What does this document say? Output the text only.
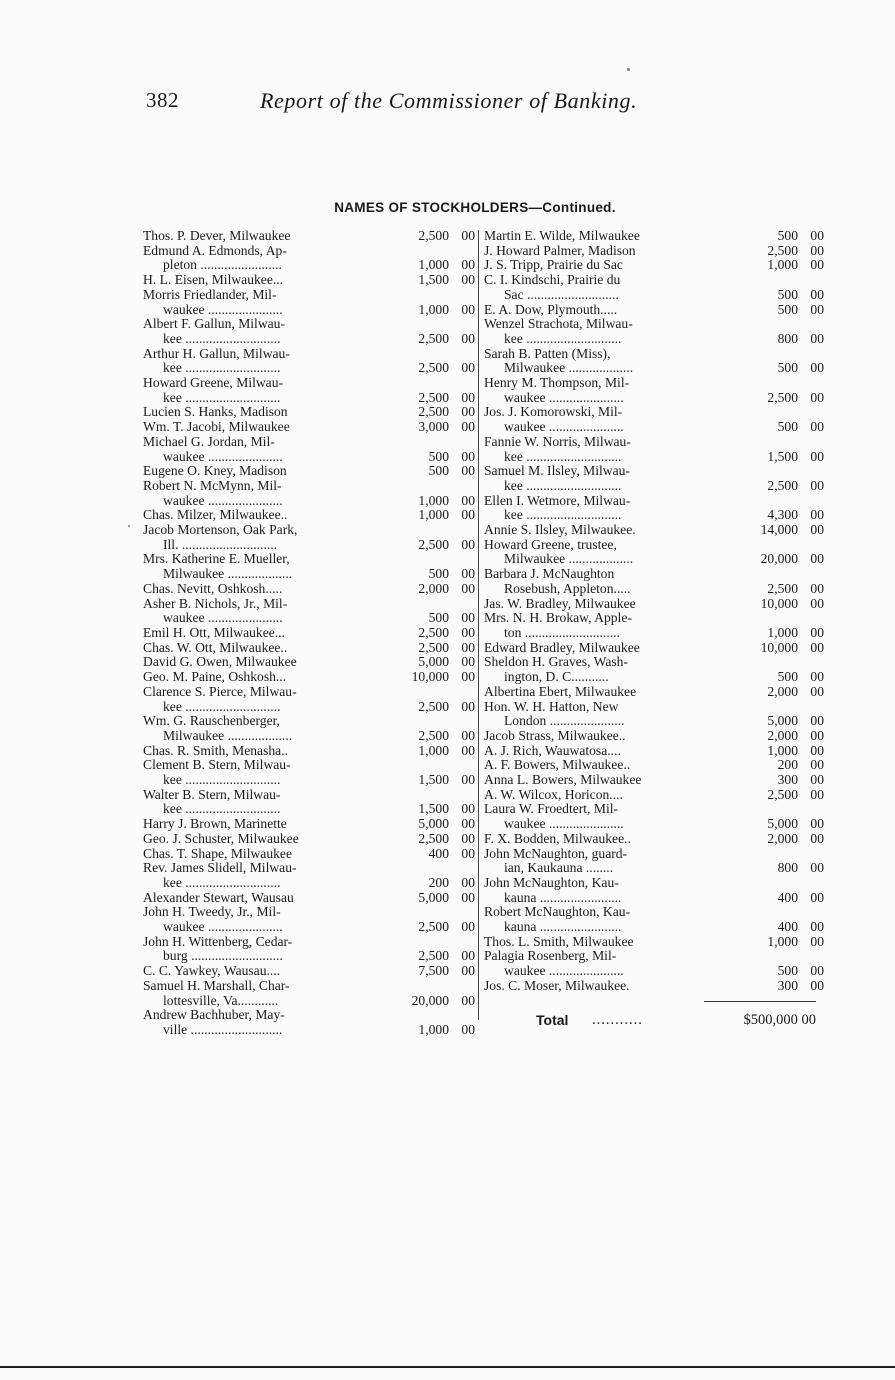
382	Report of the Commissioner of Banking.
NAMES OF STOCKHOLDERS—Continued.
Thos. P. Dever, Milwaukee	2,500 00
Edmund A. Edmonds, Ap-
pleton ........................	1,000 00
H. L. Eisen, Milwaukee...	1,500 00
Morris Friedlander, Mil-
waukee ......................	1,000 00
Albert F. Gallun, Milwau-
kee ............................	2,500 00
Arthur H. Gallun, Milwau-
kee ............................	2,500 00
Howard Greene, Milwau-
kee ............................	2,500 00
Lucien S. Hanks, Madison	2,500 00
Wm. T. Jacobi, Milwaukee	3,000 00
Michael G. Jordan, Mil-
waukee ......................	500 00
Eugene O. Kney, Madison	500 00
Robert N. McMynn, Mil-
waukee ......................	1,000 00
Chas. Milzer, Milwaukee..	1,000 00
Jacob Mortenson, Oak Park,
Ill. ............................	2,500 00
Mrs. Katherine E. Mueller,
Milwaukee ...................	500 00
Chas. Nevitt, Oshkosh.....	2,000 00
Asher B. Nichols, Jr., Mil-
waukee ......................	500 00
Emil H. Ott, Milwaukee...	2,500 00
Chas. W. Ott, Milwaukee..	2,500 00
David G. Owen, Milwaukee	5,000 00
Geo. M. Paine, Oshkosh...	10,000 00
Clarence S. Pierce, Milwau-
kee ............................	2,500 00
Wm. G. Rauschenberger,
Milwaukee ...................	2,500 00
Chas. R. Smith, Menasha..	1,000 00
Clement B. Stern, Milwau-
kee ............................	1,500 00
Walter B. Stern, Milwau-
kee ............................	1,500 00
Harry J. Brown, Marinette	5,000 00
Geo. J. Schuster, Milwaukee	2,500 00
Chas. T. Shape, Milwaukee	400 00
Rev. James Slidell, Milwau-
kee ............................	200 00
Alexander Stewart, Wausau	5,000 00
John H. Tweedy, Jr., Mil-
waukee ......................	2,500 00
John H. Wittenberg, Cedar-
burg ...........................	2,500 00
C. C. Yawkey, Wausau....	7,500 00
Samuel H. Marshall, Char-
lottesville, Va............	20,000 00
Andrew Bachhuber, May-
ville ...........................	1,000 00
Martin E. Wilde, Milwaukee	500 00
J. Howard Palmer, Madison	2,500 00
J. S. Tripp, Prairie du Sac	1,000 00
C. I. Kindschi, Prairie du
Sac ...........................	500 00
E. A. Dow, Plymouth.....	500 00
Wenzel Strachota, Milwau-
kee ............................	800 00
Sarah B. Patten (Miss),
Milwaukee ...................	500 00
Henry M. Thompson, Mil-
waukee ......................	2,500 00
Jos. J. Komorowski, Mil-
waukee ......................	500 00
Fannie W. Norris, Milwau-
kee ............................	1,500 00
Samuel M. Ilsley, Milwau-
kee ............................	2,500 00
Ellen I. Wetmore, Milwau-
kee ............................	4,300 00
Annie S. Ilsley, Milwaukee.	14,000 00
Howard Greene, trustee,
Milwaukee ...................	20,000 00
Barbara J. McNaughton
Rosebush, Appleton.....	2,500 00
Jas. W. Bradley, Milwaukee	10,000 00
Mrs. N. H. Brokaw, Apple-
ton ............................	1,000 00
Edward Bradley, Milwaukee	10,000 00
Sheldon H. Graves, Wash-
ington, D. C...........	500 00
Albertina Ebert, Milwaukee	2,000 00
Hon. W. H. Hatton, New
London ......................	5,000 00
Jacob Strass, Milwaukee..	2,000 00
A. J. Rich, Wauwatosa....	1,000 00
A. F. Bowers, Milwaukee..	200 00
Anna L. Bowers, Milwaukee	300 00
A. W. Wilcox, Horicon....	2,500 00
Laura W. Froedtert, Mil-
waukee ......................	5,000 00
F. X. Bodden, Milwaukee..	2,000 00
John McNaughton, guard-
ian, Kaukauna ........	800 00
John McNaughton, Kau-
kauna ........................	400 00
Robert McNaughton, Kau-
kauna ........................	400 00
Thos. L. Smith, Milwaukee	1,000 00
Palagia Rosenberg, Mil-
waukee ......................	500 00
Jos. C. Moser, Milwaukee.	300 00
Total ...........	$500,000 00
